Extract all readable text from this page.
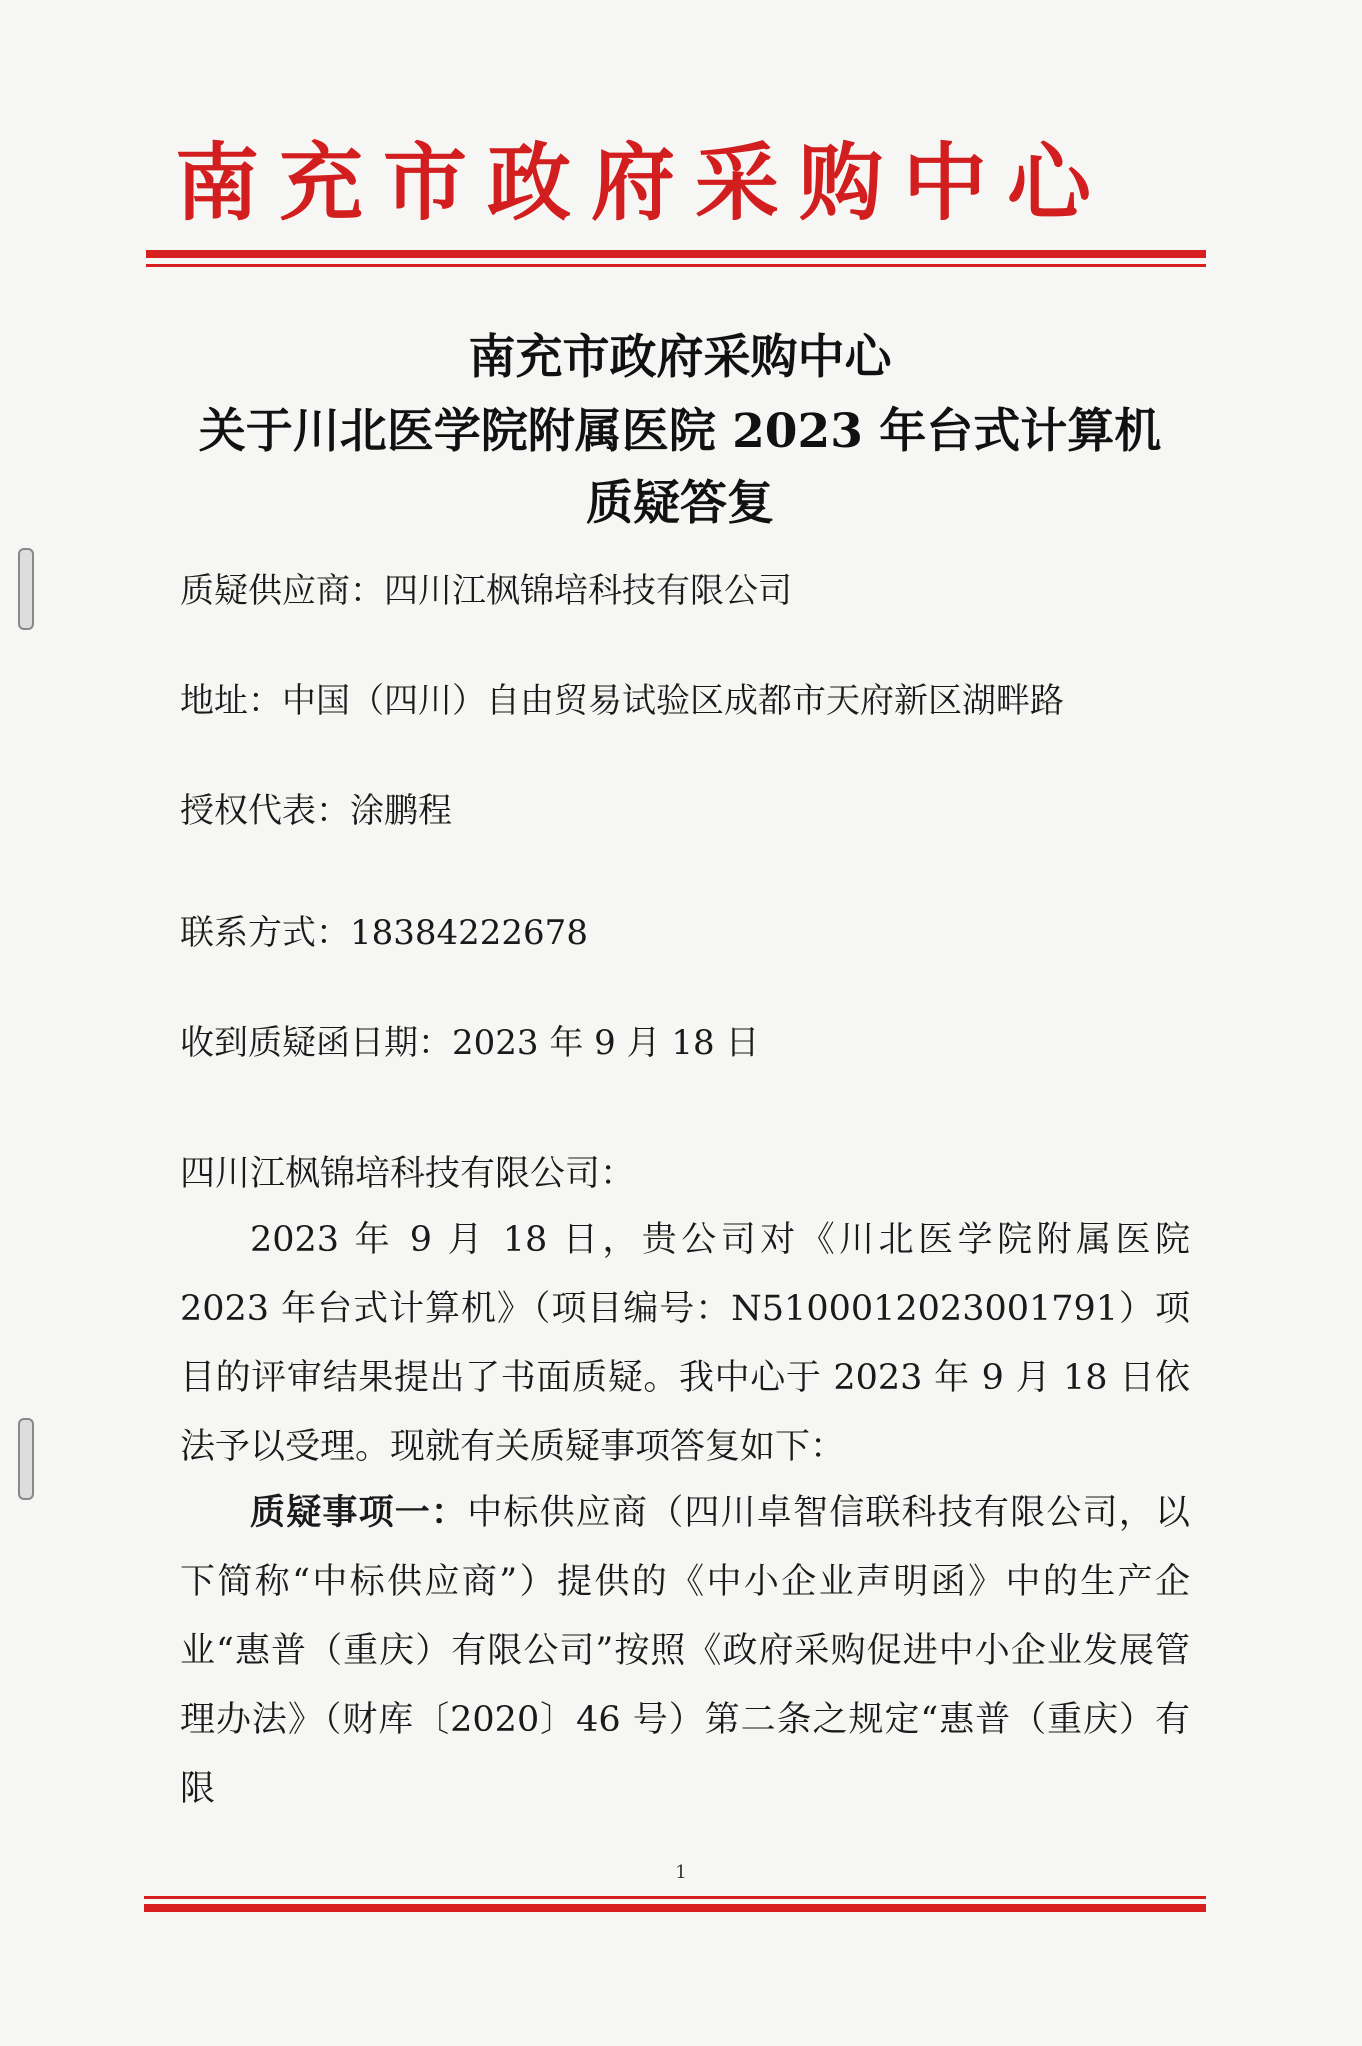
南充市政府采购中心
南充市政府采购中心
关于川北医学院附属医院 2023 年台式计算机
质疑答复
质疑供应商：四川江枫锦培科技有限公司
地址：中国（四川）自由贸易试验区成都市天府新区湖畔路
授权代表：涂鹏程
联系方式：18384222678
收到质疑函日期：2023 年 9 月 18 日
四川江枫锦培科技有限公司：
2023 年 9 月 18 日，贵公司对《川北医学院附属医院 2023 年台式计算机》（项目编号：N5100012023001791）项目的评审结果提出了书面质疑。我中心于 2023 年 9 月 18 日依法予以受理。现就有关质疑事项答复如下：
质疑事项一：中标供应商（四川卓智信联科技有限公司，以下简称“中标供应商”）提供的《中小企业声明函》中的生产企业“惠普（重庆）有限公司”按照《政府采购促进中小企业发展管理办法》（财库〔2020〕46 号）第二条之规定“惠普（重庆）有限
1
